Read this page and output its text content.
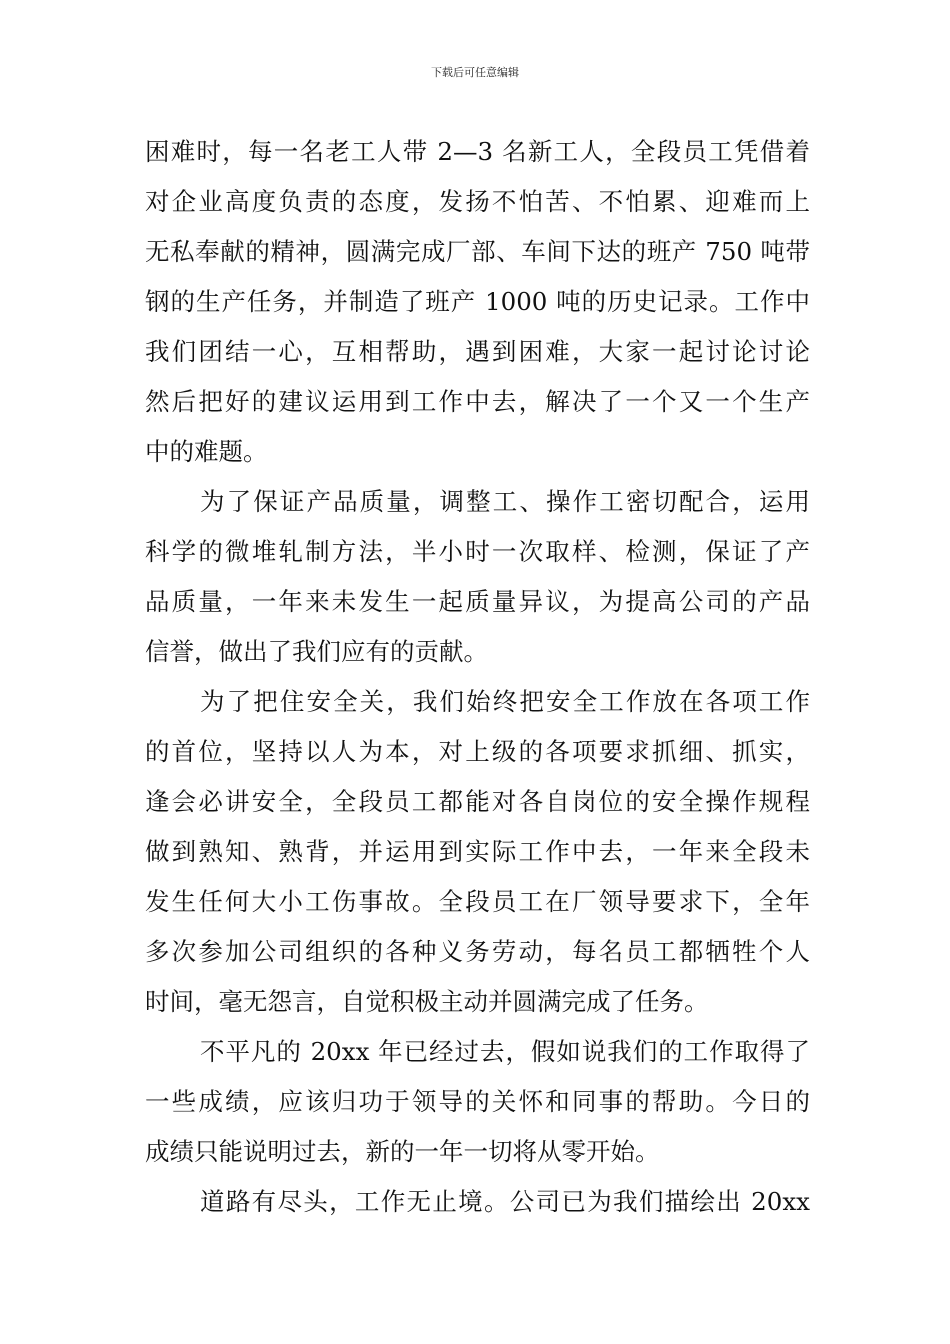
下载后可任意编辑
困难时，每一名老工人带 2—3 名新工人，全段员工凭借着
对企业高度负责的态度，发扬不怕苦、不怕累、迎难而上
无私奉献的精神，圆满完成厂部、车间下达的班产 750 吨带
钢的生产任务，并制造了班产 1000 吨的历史记录。工作中
我们团结一心，互相帮助，遇到困难，大家一起讨论讨论
然后把好的建议运用到工作中去，解决了一个又一个生产
中的难题。
为了保证产品质量，调整工、操作工密切配合，运用
科学的微堆轧制方法，半小时一次取样、检测，保证了产
品质量，一年来未发生一起质量异议，为提高公司的产品
信誉，做出了我们应有的贡献。
为了把住安全关，我们始终把安全工作放在各项工作
的首位，坚持以人为本，对上级的各项要求抓细、抓实，
逢会必讲安全，全段员工都能对各自岗位的安全操作规程
做到熟知、熟背，并运用到实际工作中去，一年来全段未
发生任何大小工伤事故。全段员工在厂领导要求下，全年
多次参加公司组织的各种义务劳动，每名员工都牺牲个人
时间，毫无怨言，自觉积极主动并圆满完成了任务。
不平凡的 20xx 年已经过去，假如说我们的工作取得了
一些成绩，应该归功于领导的关怀和同事的帮助。今日的
成绩只能说明过去，新的一年一切将从零开始。
道路有尽头，工作无止境。公司已为我们描绘出 20xx
